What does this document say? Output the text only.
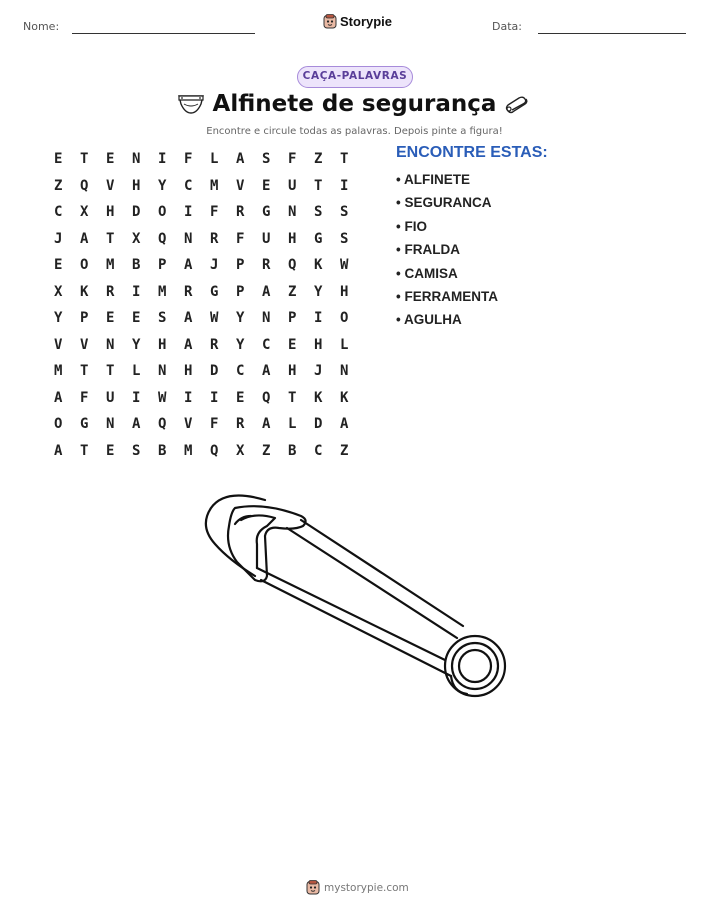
Nome:	Storypie	Data:
CAÇA-PALAVRAS
Alfinete de segurança
Encontre e circule todas as palavras. Depois pinte a figura!
E	T	E	N	I	F	L	A	S	F	Z	T
Z	Q	V	H	Y	C	M	V	E	U	T	I
C	X	H	D	O	I	F	R	G	N	S	S
J	A	T	X	Q	N	R	F	U	H	G	S
E	O	M	B	P	A	J	P	R	Q	K	W
X	K	R	I	M	R	G	P	A	Z	Y	H
Y	P	E	E	S	A	W	Y	N	P	I	O
V	V	N	Y	H	A	R	Y	C	E	H	L
M	T	T	L	N	H	D	C	A	H	J	N
A	F	U	I	W	I	I	E	Q	T	K	K
O	G	N	A	Q	V	F	R	A	L	D	A
A	T	E	S	B	M	Q	X	Z	B	C	Z
ENCONTRE ESTAS:
• ALFINETE
• SEGURANCA
• FIO
• FRALDA
• CAMISA
• FERRAMENTA
• AGULHA
mystorypie.com
